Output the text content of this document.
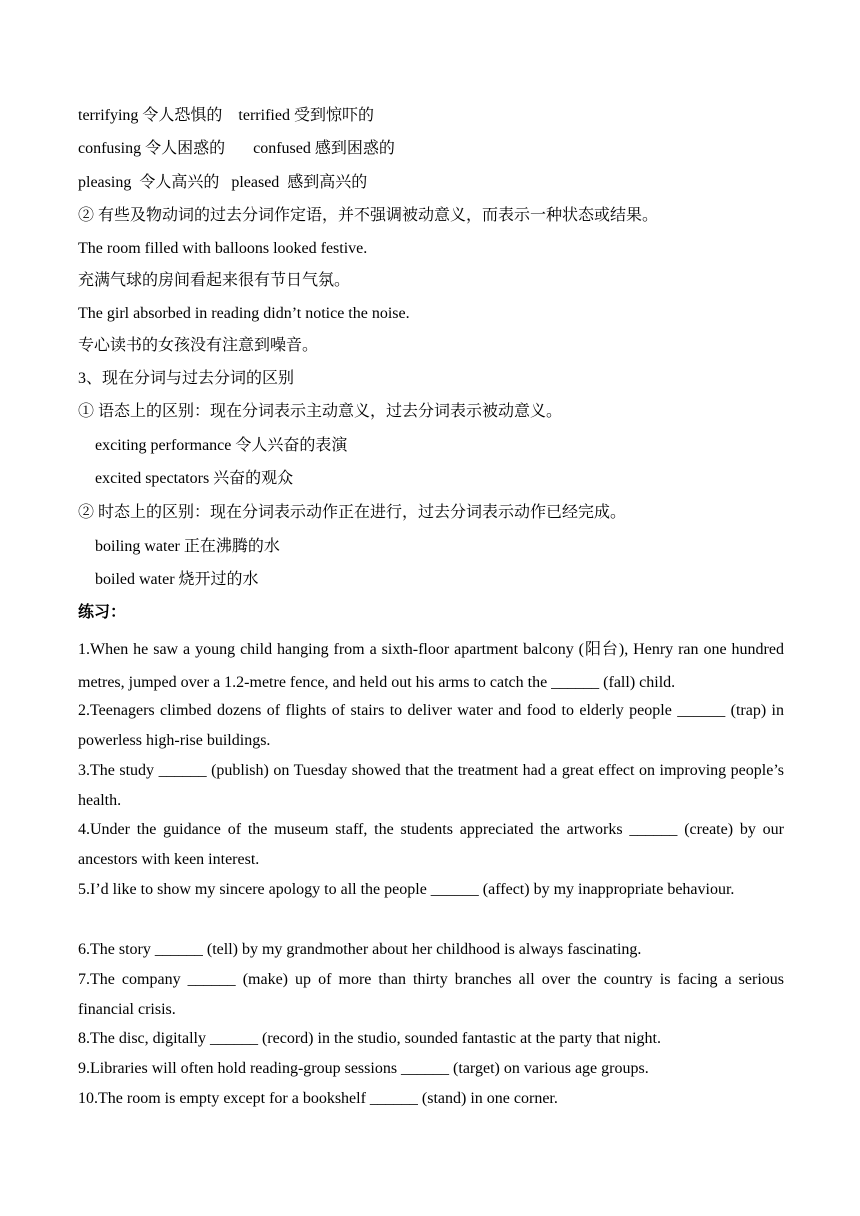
terrifying 令人恐惧的    terrified 受到惊吓的
confusing 令人困惑的       confused 感到困惑的
pleasing  令人高兴的   pleased  感到高兴的
② 有些及物动词的过去分词作定语，并不强调被动意义，而表示一种状态或结果。
The room filled with balloons looked festive.
充满气球的房间看起来很有节日气氛。
The girl absorbed in reading didn’t notice the noise.
专心读书的女孩没有注意到噪音。
3、现在分词与过去分词的区别
① 语态上的区别：现在分词表示主动意义，过去分词表示被动意义。
exciting performance 令人兴奋的表演
excited spectators 兴奋的观众
② 时态上的区别：现在分词表示动作正在进行，过去分词表示动作已经完成。
boiling water 正在沸腾的水
boiled water 烧开过的水
练习：
1.When he saw a young child hanging from a sixth-floor apartment balcony (阳台), Henry ran one hundred metres, jumped over a 1.2-metre fence, and held out his arms to catch the ______ (fall) child.
2.Teenagers climbed dozens of flights of stairs to deliver water and food to elderly people ______ (trap) in powerless high-rise buildings.
3.The study ______ (publish) on Tuesday showed that the treatment had a great effect on improving people’s health.
4.Under the guidance of the museum staff, the students appreciated the artworks ______ (create) by our ancestors with keen interest.
5.I’d like to show my sincere apology to all the people ______ (affect) by my inappropriate behaviour.
6.The story ______ (tell) by my grandmother about her childhood is always fascinating.
7.The company ______ (make) up of more than thirty branches all over the country is facing a serious financial crisis.
8.The disc, digitally ______ (record) in the studio, sounded fantastic at the party that night.
9.Libraries will often hold reading-group sessions ______ (target) on various age groups.
10.The room is empty except for a bookshelf ______ (stand) in one corner.
